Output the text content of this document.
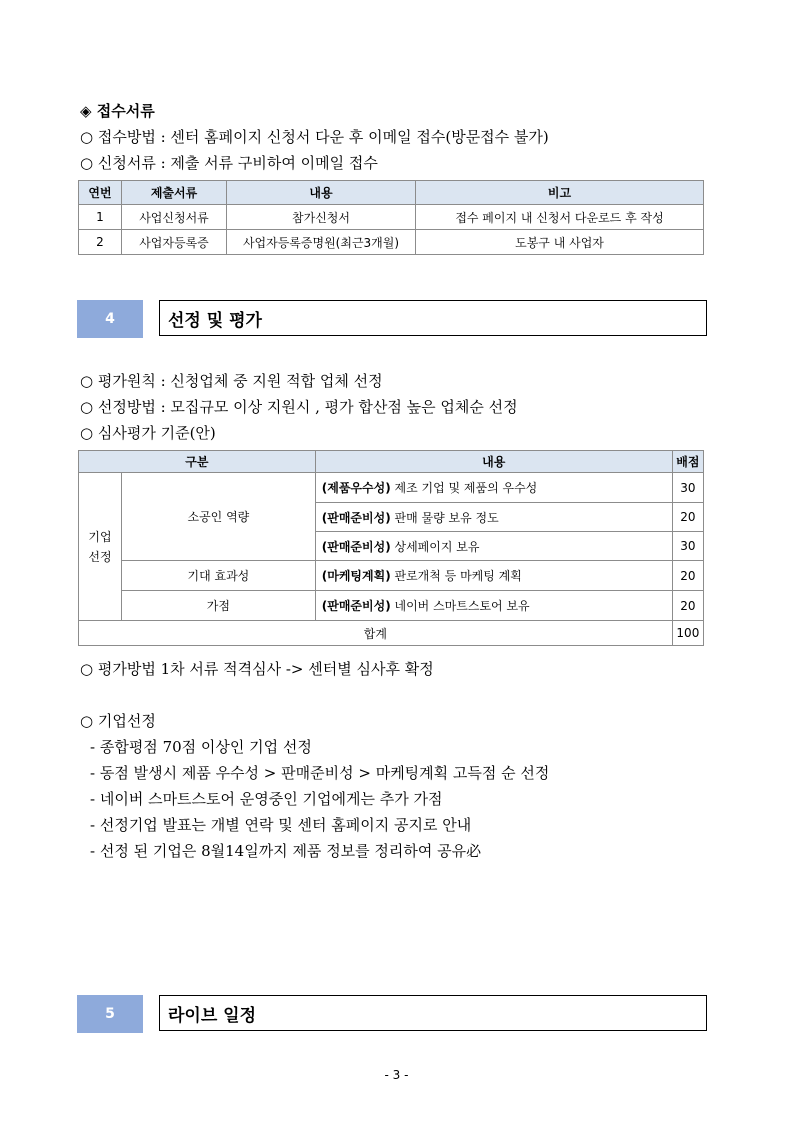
◈ 접수서류
○ 접수방법 : 센터 홈페이지 신청서 다운 후 이메일 접수(방문접수 불가)
○ 신청서류 : 제출 서류 구비하여 이메일 접수
연번	제출서류	내용	비고
1	사업신청서류	참가신청서	접수 페이지 내 신청서 다운로드 후 작성
2	사업자등록증	사업자등록증명원(최근3개월)	도봉구 내 사업자
4	선정 및 평가
○ 평가원칙 : 신청업체 중 지원 적합 업체 선정
○ 선정방법 : 모집규모 이상 지원시 , 평가 합산점 높은 업체순 선정
○ 심사평가 기준(안)
구분		내용	배점
기업 선정	소공인 역량	(제품우수성) 제조 기업 및 제품의 우수성	30
		(판매준비성) 판매 물량 보유 정도	20
		(판매준비성) 상세페이지 보유	30
	기대 효과성	(마케팅계획) 판로개척 등 마케팅 계획	20
	가점	(판매준비성) 네이버 스마트스토어 보유	20
합계			100
○ 평가방법 1차 서류 적격심사 -> 센터별 심사후 확정
○ 기업선정
- 종합평점 70점 이상인 기업 선정
- 동점 발생시 제품 우수성 > 판매준비성 > 마케팅계획 고득점 순 선정
- 네이버 스마트스토어 운영중인 기업에게는 추가 가점
- 선정기업 발표는 개별 연락 및 센터 홈페이지 공지로 안내
- 선정 된 기업은 8월14일까지 제품 정보를 정리하여 공유必
5	라이브 일정
- 3 -
